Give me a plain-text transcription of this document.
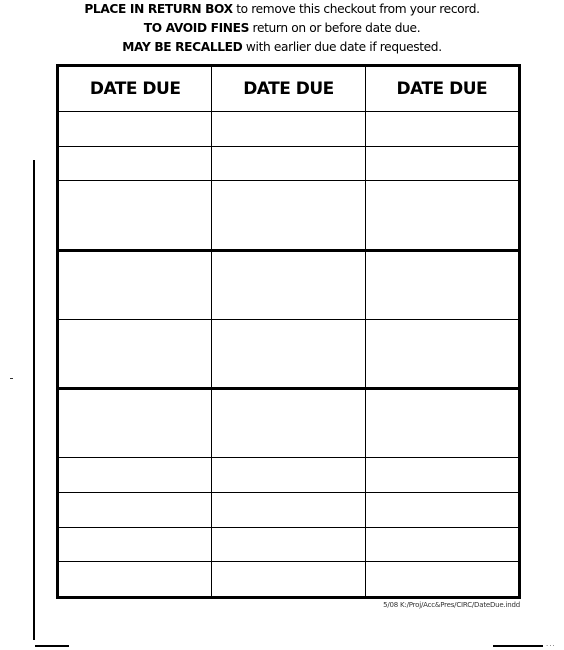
PLACE IN RETURN BOX to remove this checkout from your record.
TO AVOID FINES return on or before date due.
MAY BE RECALLED with earlier due date if requested.
DATE DUE	DATE DUE	DATE DUE

5/08 K:/Proj/Acc&Pres/CIRC/DateDue.indd
...
